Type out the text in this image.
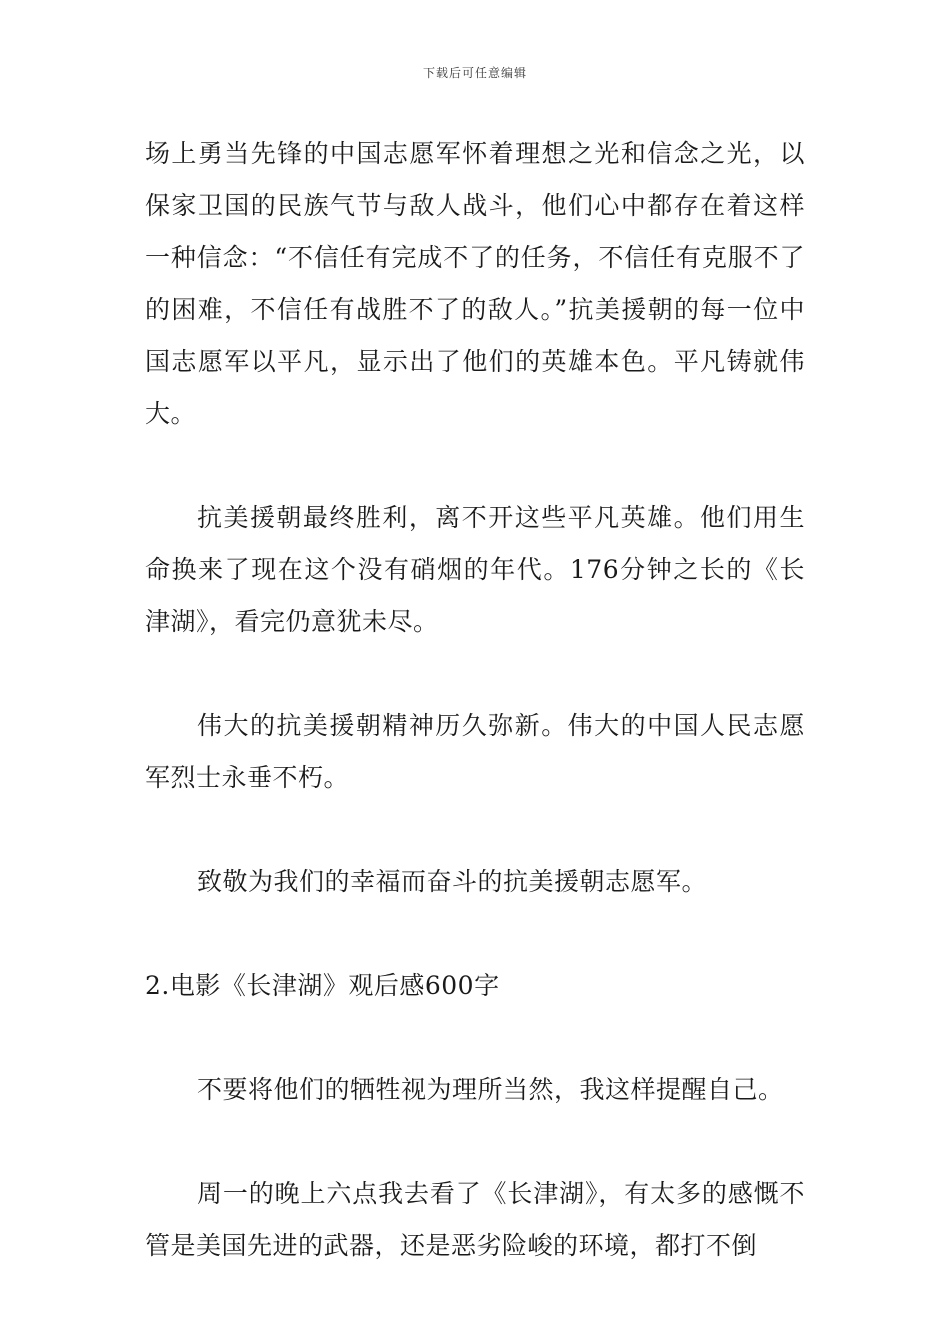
下载后可任意编辑

场上勇当先锋的中国志愿军怀着理想之光和信念之光，以保家卫国的民族气节与敌人战斗，他们心中都存在着这样一种信念：“不信任有完成不了的任务，不信任有克服不了的困难，不信任有战胜不了的敌人。”抗美援朝的每一位中国志愿军以平凡，显示出了他们的英雄本色。平凡铸就伟大。

抗美援朝最终胜利，离不开这些平凡英雄。他们用生命换来了现在这个没有硝烟的年代。176分钟之长的《长津湖》，看完仍意犹未尽。

伟大的抗美援朝精神历久弥新。伟大的中国人民志愿军烈士永垂不朽。

致敬为我们的幸福而奋斗的抗美援朝志愿军。

2.电影《长津湖》观后感600字

不要将他们的牺牲视为理所当然，我这样提醒自己。

周一的晚上六点我去看了《长津湖》，有太多的感慨不管是美国先进的武器，还是恶劣险峻的环境，都打不倒
